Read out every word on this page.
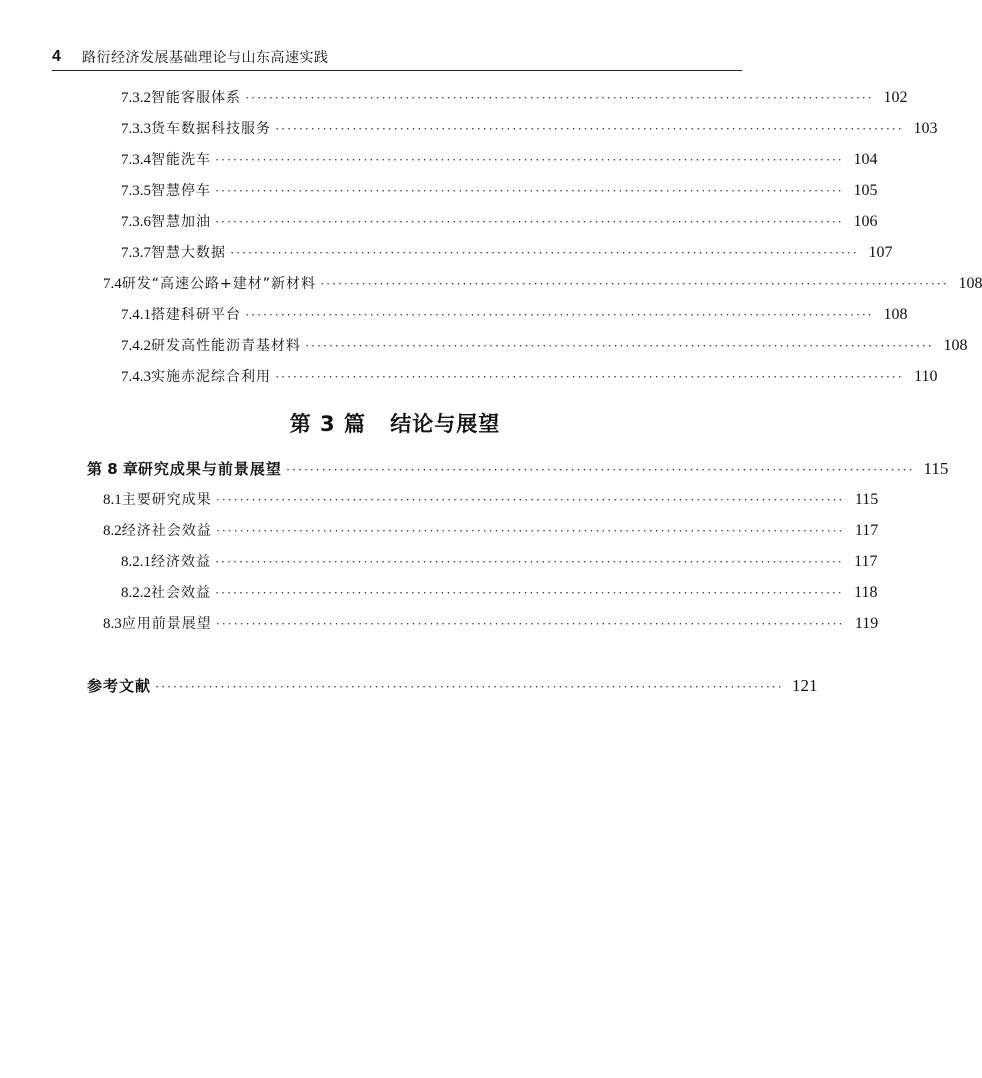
4	路衍经济发展基础理论与山东高速实践
7.3.2 智能客服体系 ·········································································································· 102
7.3.3 货车数据科技服务 ·········································································································· 103
7.3.4 智能洗车 ·········································································································· 104
7.3.5 智慧停车 ·········································································································· 105
7.3.6 智慧加油 ·········································································································· 106
7.3.7 智慧大数据 ·········································································································· 107
7.4 研发“高速公路+建材”新材料 ·········································································································· 108
7.4.1 搭建科研平台 ·········································································································· 108
7.4.2 研发高性能沥青基材料 ·········································································································· 108
7.4.3 实施赤泥综合利用 ·········································································································· 110
第 3 篇 结论与展望
第 8 章 研究成果与前景展望 ·········································································································· 115
8.1 主要研究成果 ·········································································································· 115
8.2 经济社会效益 ·········································································································· 117
8.2.1 经济效益 ·········································································································· 117
8.2.2 社会效益 ·········································································································· 118
8.3 应用前景展望 ·········································································································· 119
参考文献 ·········································································································· 121
